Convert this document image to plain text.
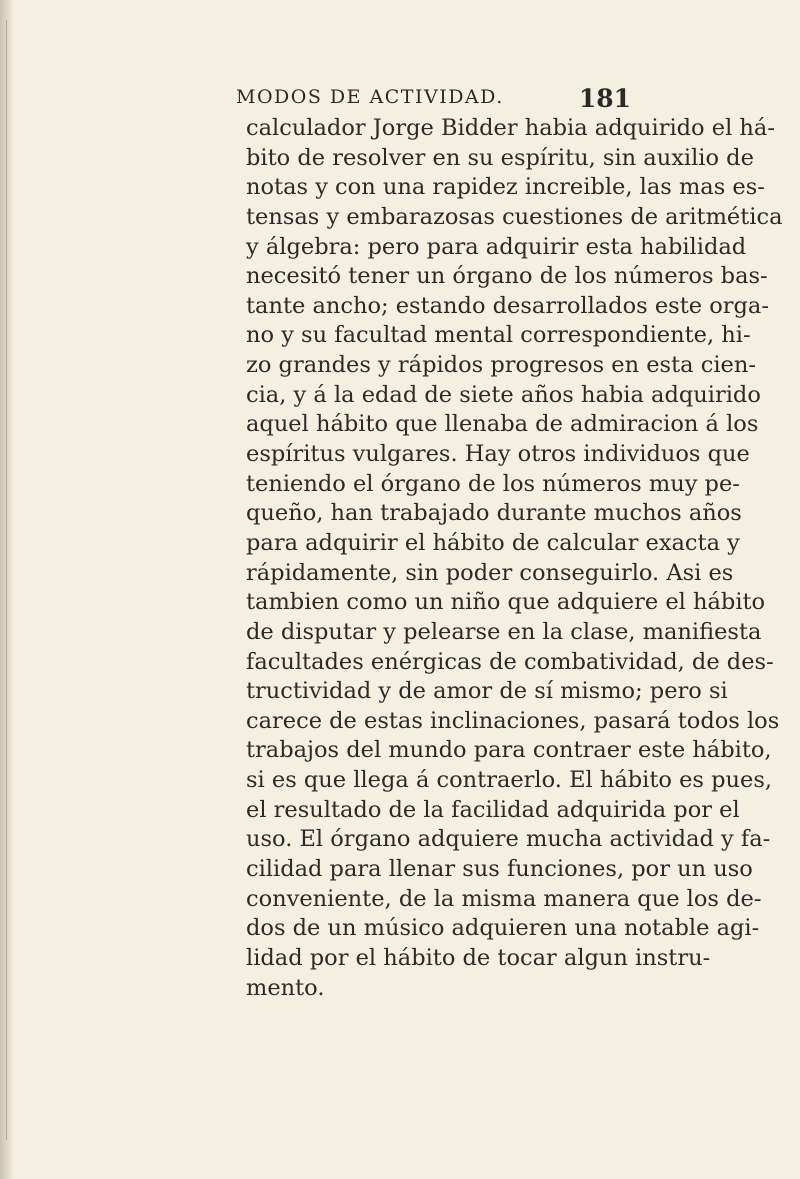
MODOS DE ACTIVIDAD.	181
calculador Jorge Bidder habia adquirido el há-
bito de resolver en su espíritu, sin auxilio de
notas y con una rapidez increible, las mas es-
tensas y embarazosas cuestiones de aritmética
y álgebra: pero para adquirir esta habilidad
necesitó tener un órgano de los números bas-
tante ancho; estando desarrollados este orga-
no y su facultad mental correspondiente, hi-
zo grandes y rápidos progresos en esta cien-
cia, y á la edad de siete años habia adquirido
aquel hábito que llenaba de admiracion á los
espíritus vulgares. Hay otros individuos que
teniendo el órgano de los números muy pe-
queño, han trabajado durante muchos años
para adquirir el hábito de calcular exacta y
rápidamente, sin poder conseguirlo. Asi es
tambien como un niño que adquiere el hábito
de disputar y pelearse en la clase, manifiesta
facultades enérgicas de combatividad, de des-
tructividad y de amor de sí mismo; pero si
carece de estas inclinaciones, pasará todos los
trabajos del mundo para contraer este hábito,
si es que llega á contraerlo. El hábito es pues,
el resultado de la facilidad adquirida por el
uso. El órgano adquiere mucha actividad y fa-
cilidad para llenar sus funciones, por un uso
conveniente, de la misma manera que los de-
dos de un músico adquieren una notable agi-
lidad por el hábito de tocar algun instru-
mento.
